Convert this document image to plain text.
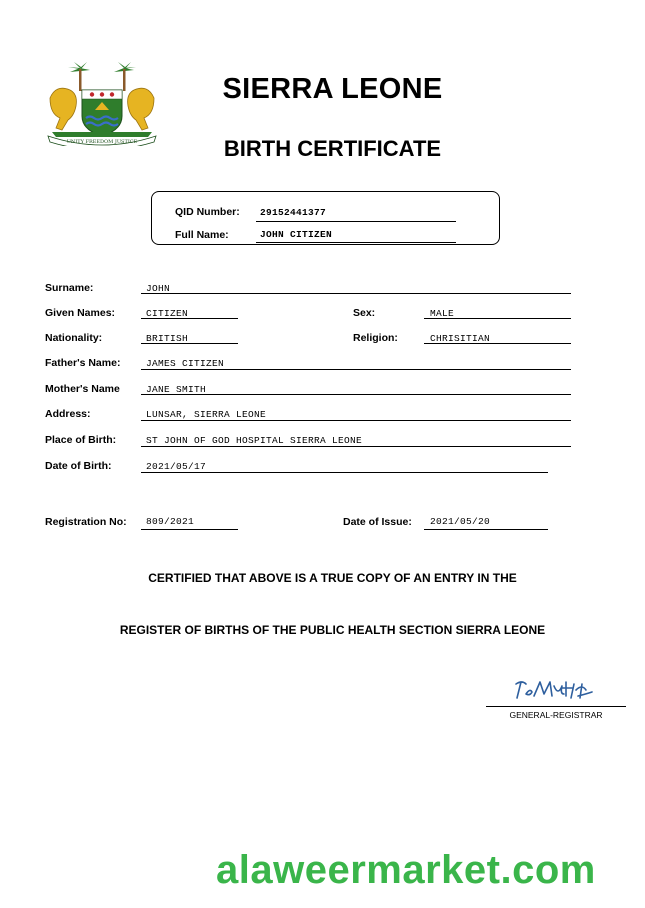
UNITY FREEDOM JUSTICE
SIERRA LEONE
BIRTH CERTIFICATE
QID Number: 29152441377
Full Name:	JOHN CITIZEN
Surname:	JOHN
Given Names:	CITIZEN	Sex:	MALE
Nationality:	BRITISH	Religion:	CHRISITIAN
Father's Name:	JAMES CITIZEN
Mother's Name	JANE SMITH
Address:	LUNSAR, SIERRA LEONE
Place of Birth:	ST JOHN OF GOD HOSPITAL SIERRA LEONE
Date of Birth:	2021/05/17
Registration No: 809/2021	Date of Issue: 2021/05/20
CERTIFIED THAT ABOVE IS A TRUE COPY OF AN ENTRY IN THE
REGISTER OF BIRTHS OF THE PUBLIC HEALTH SECTION SIERRA LEONE
GENERAL-REGISTRAR
alaweermarket.com
